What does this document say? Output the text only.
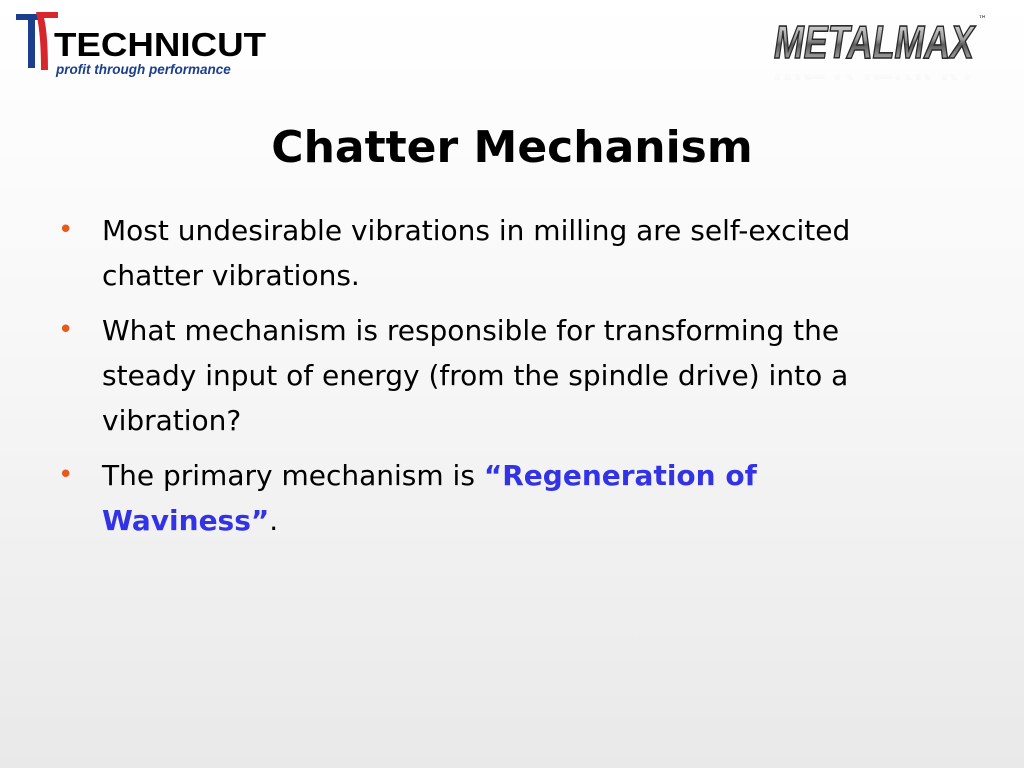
TECHNICUT
profit through performance
METALMAX ™
Chatter Mechanism
• Most undesirable vibrations in milling are self-excited chatter vibrations.
• What mechanism is responsible for transforming the steady input of energy (from the spindle drive) into a vibration?
• The primary mechanism is “Regeneration of Waviness”.
